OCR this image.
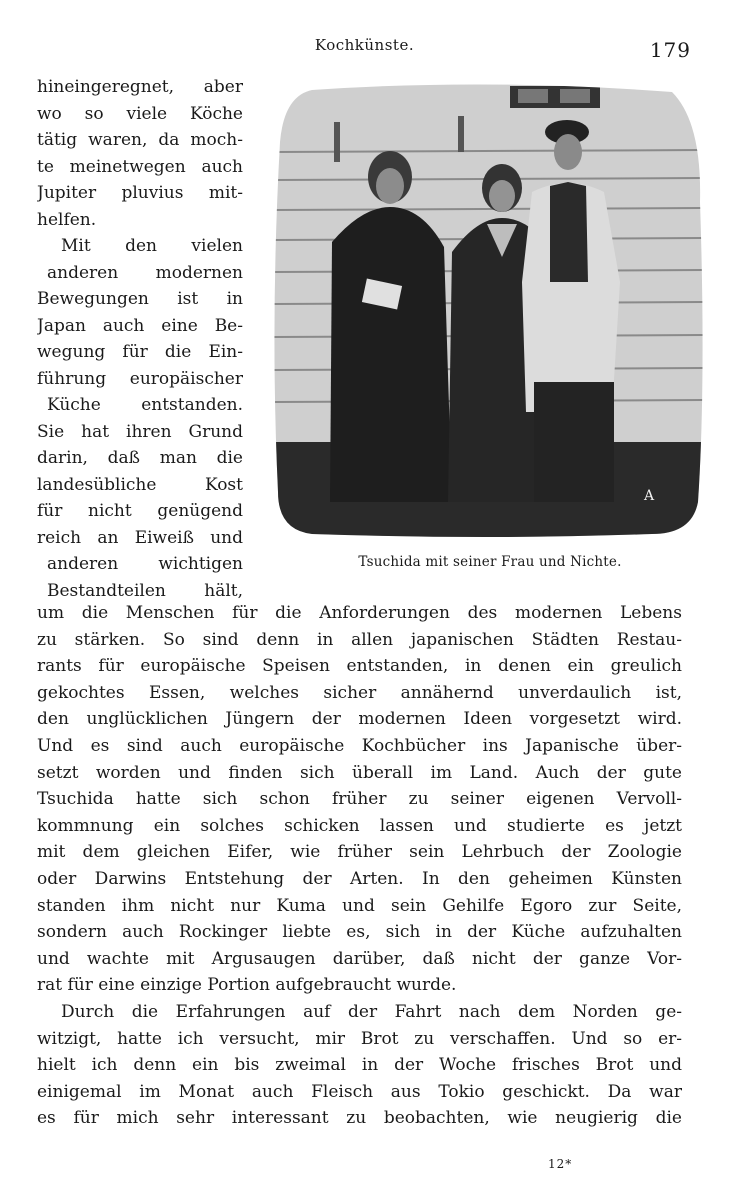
Kochkünste.	179
A
Tsuchida mit seiner Frau und Nichte.
hineingeregnet, aber
wo so viele Köche
tätig waren, da moch-
te meinetwegen auch
Jupiter pluvius mit-
helfen.
Mit den vielen
anderen modernen
Bewegungen ist in
Japan auch eine Be-
wegung für die Ein-
führung europäischer
Küche entstanden.
Sie hat ihren Grund
darin, daß man die
landesübliche Kost
für nicht genügend
reich an Eiweiß und
anderen wichtigen
Bestandteilen hält,
um die Menschen für die Anforderungen des modernen Lebens
zu stärken. So sind denn in allen japanischen Städten Restau-
rants für europäische Speisen entstanden, in denen ein greulich
gekochtes Essen, welches sicher annähernd unverdaulich ist,
den unglücklichen Jüngern der modernen Ideen vorgesetzt wird.
Und es sind auch europäische Kochbücher ins Japanische über-
setzt worden und finden sich überall im Land. Auch der gute
Tsuchida hatte sich schon früher zu seiner eigenen Vervoll-
kommnung ein solches schicken lassen und studierte es jetzt
mit dem gleichen Eifer, wie früher sein Lehrbuch der Zoologie
oder Darwins Entstehung der Arten. In den geheimen Künsten
standen ihm nicht nur Kuma und sein Gehilfe Egoro zur Seite,
sondern auch Rockinger liebte es, sich in der Küche aufzuhalten
und wachte mit Argusaugen darüber, daß nicht der ganze Vor-
rat für eine einzige Portion aufgebraucht wurde.
Durch die Erfahrungen auf der Fahrt nach dem Norden ge-
witzigt, hatte ich versucht, mir Brot zu verschaffen. Und so er-
hielt ich denn ein bis zweimal in der Woche frisches Brot und
einigemal im Monat auch Fleisch aus Tokio geschickt. Da war
es für mich sehr interessant zu beobachten, wie neugierig die
12*
